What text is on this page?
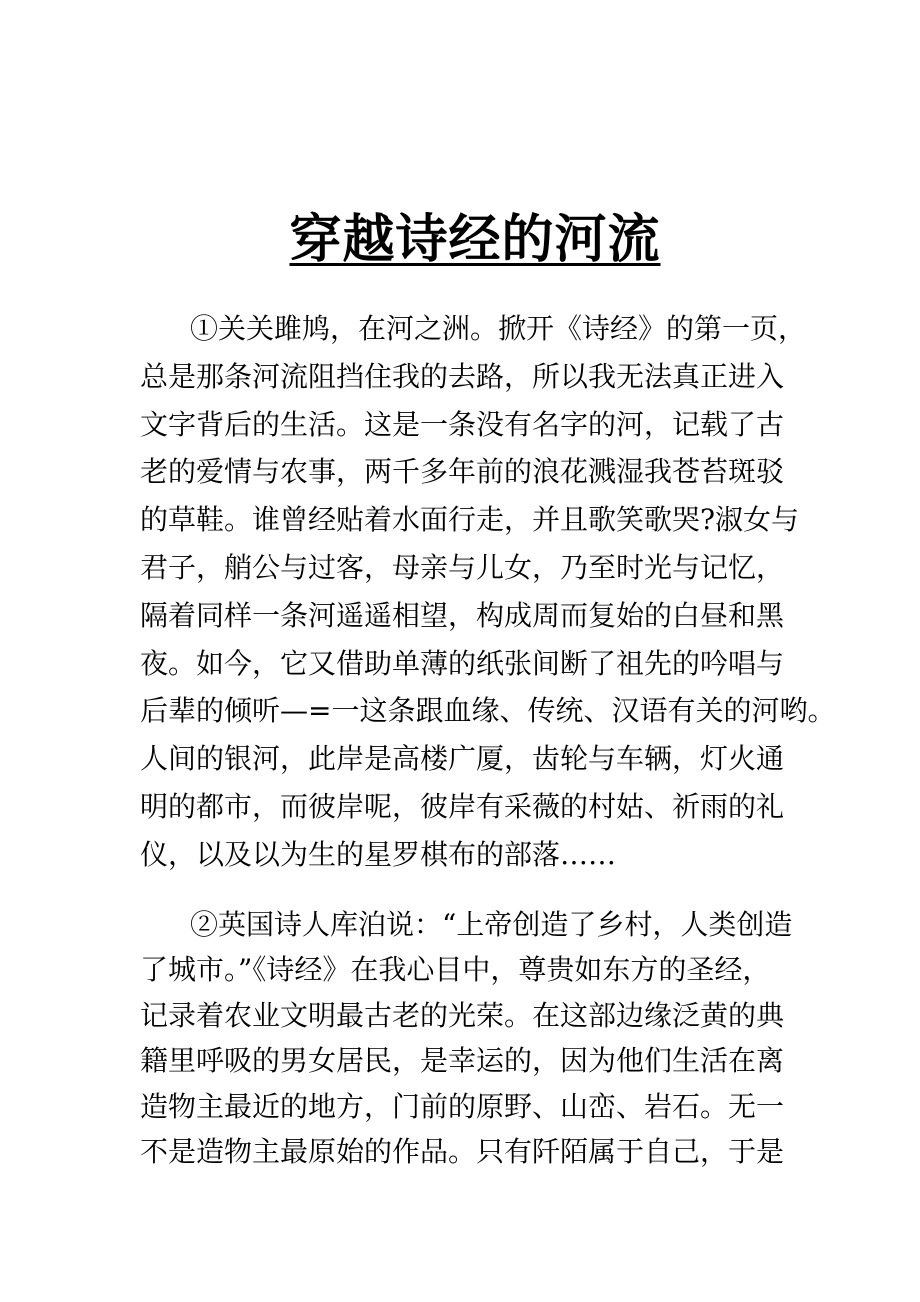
穿越诗经的河流
①关关雎鸠，在河之洲。掀开《诗经》的第一页，
总是那条河流阻挡住我的去路，所以我无法真正进入
文字背后的生活。这是一条没有名字的河，记载了古
老的爱情与农事，两千多年前的浪花溅湿我苍苔斑驳
的草鞋。谁曾经贴着水面行走，并且歌笑歌哭?淑女与
君子，艄公与过客，母亲与儿女，乃至时光与记忆，
隔着同样一条河遥遥相望，构成周而复始的白昼和黑
夜。如今，它又借助单薄的纸张间断了祖先的吟唱与
后辈的倾听—=一这条跟血缘、传统、汉语有关的河哟。
人间的银河，此岸是高楼广厦，齿轮与车辆，灯火通
明的都市，而彼岸呢，彼岸有采薇的村姑、祈雨的礼
仪，以及以为生的星罗棋布的部落……
②英国诗人库泊说：“上帝创造了乡村，人类创造
了城市。”《诗经》在我心目中，尊贵如东方的圣经，
记录着农业文明最古老的光荣。在这部边缘泛黄的典
籍里呼吸的男女居民，是幸运的，因为他们生活在离
造物主最近的地方，门前的原野、山峦、岩石。无一
不是造物主最原始的作品。只有阡陌属于自己，于是
